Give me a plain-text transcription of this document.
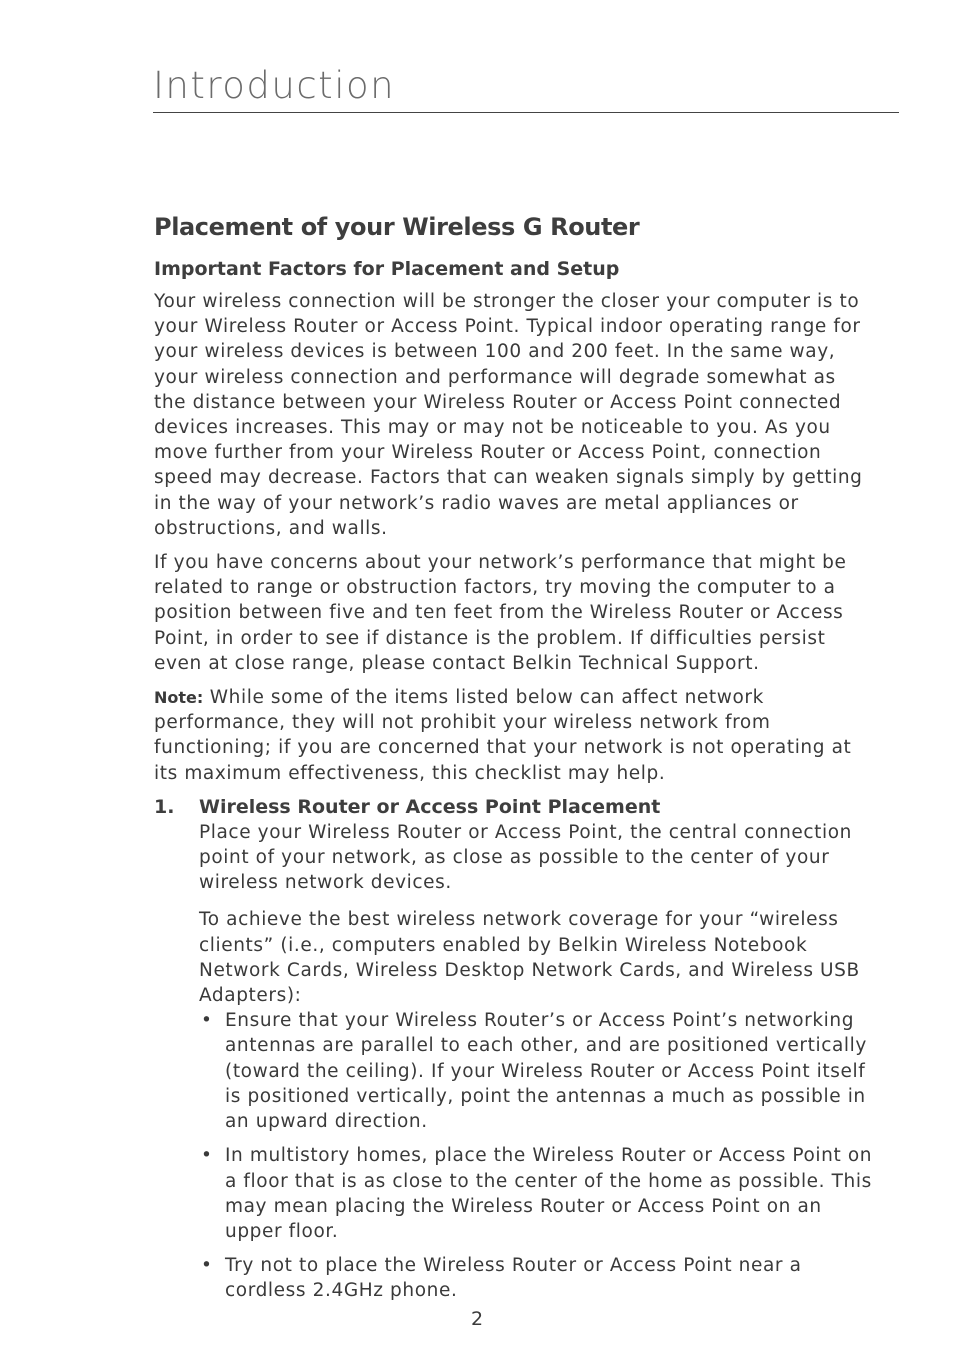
Introduction
Placement of your Wireless G Router
Important Factors for Placement and Setup

Your wireless connection will be stronger the closer your computer is to your Wireless Router or Access Point. Typical indoor operating range for your wireless devices is between 100 and 200 feet. In the same way, your wireless connection and performance will degrade somewhat as the distance between your Wireless Router or Access Point connected devices increases. This may or may not be noticeable to you. As you move further from your Wireless Router or Access Point, connection speed may decrease. Factors that can weaken signals simply by getting in the way of your network’s radio waves are metal appliances or obstructions, and walls.

If you have concerns about your network’s performance that might be related to range or obstruction factors, try moving the computer to a position between five and ten feet from the Wireless Router or Access Point, in order to see if distance is the problem. If difficulties persist even at close range, please contact Belkin Technical Support.

Note: While some of the items listed below can affect network performance, they will not prohibit your wireless network from functioning; if you are concerned that your network is not operating at its maximum effectiveness, this checklist may help.

1. Wireless Router or Access Point Placement

Place your Wireless Router or Access Point, the central connection point of your network, as close as possible to the center of your wireless network devices.

To achieve the best wireless network coverage for your “wireless clients” (i.e., computers enabled by Belkin Wireless Notebook Network Cards, Wireless Desktop Network Cards, and Wireless USB Adapters):

• Ensure that your Wireless Router’s or Access Point’s networking antennas are parallel to each other, and are positioned vertically (toward the ceiling). If your Wireless Router or Access Point itself is positioned vertically, point the antennas a much as possible in an upward direction.
• In multistory homes, place the Wireless Router or Access Point on a floor that is as close to the center of the home as possible. This may mean placing the Wireless Router or Access Point on an upper floor.
• Try not to place the Wireless Router or Access Point near a cordless 2.4GHz phone.
2
